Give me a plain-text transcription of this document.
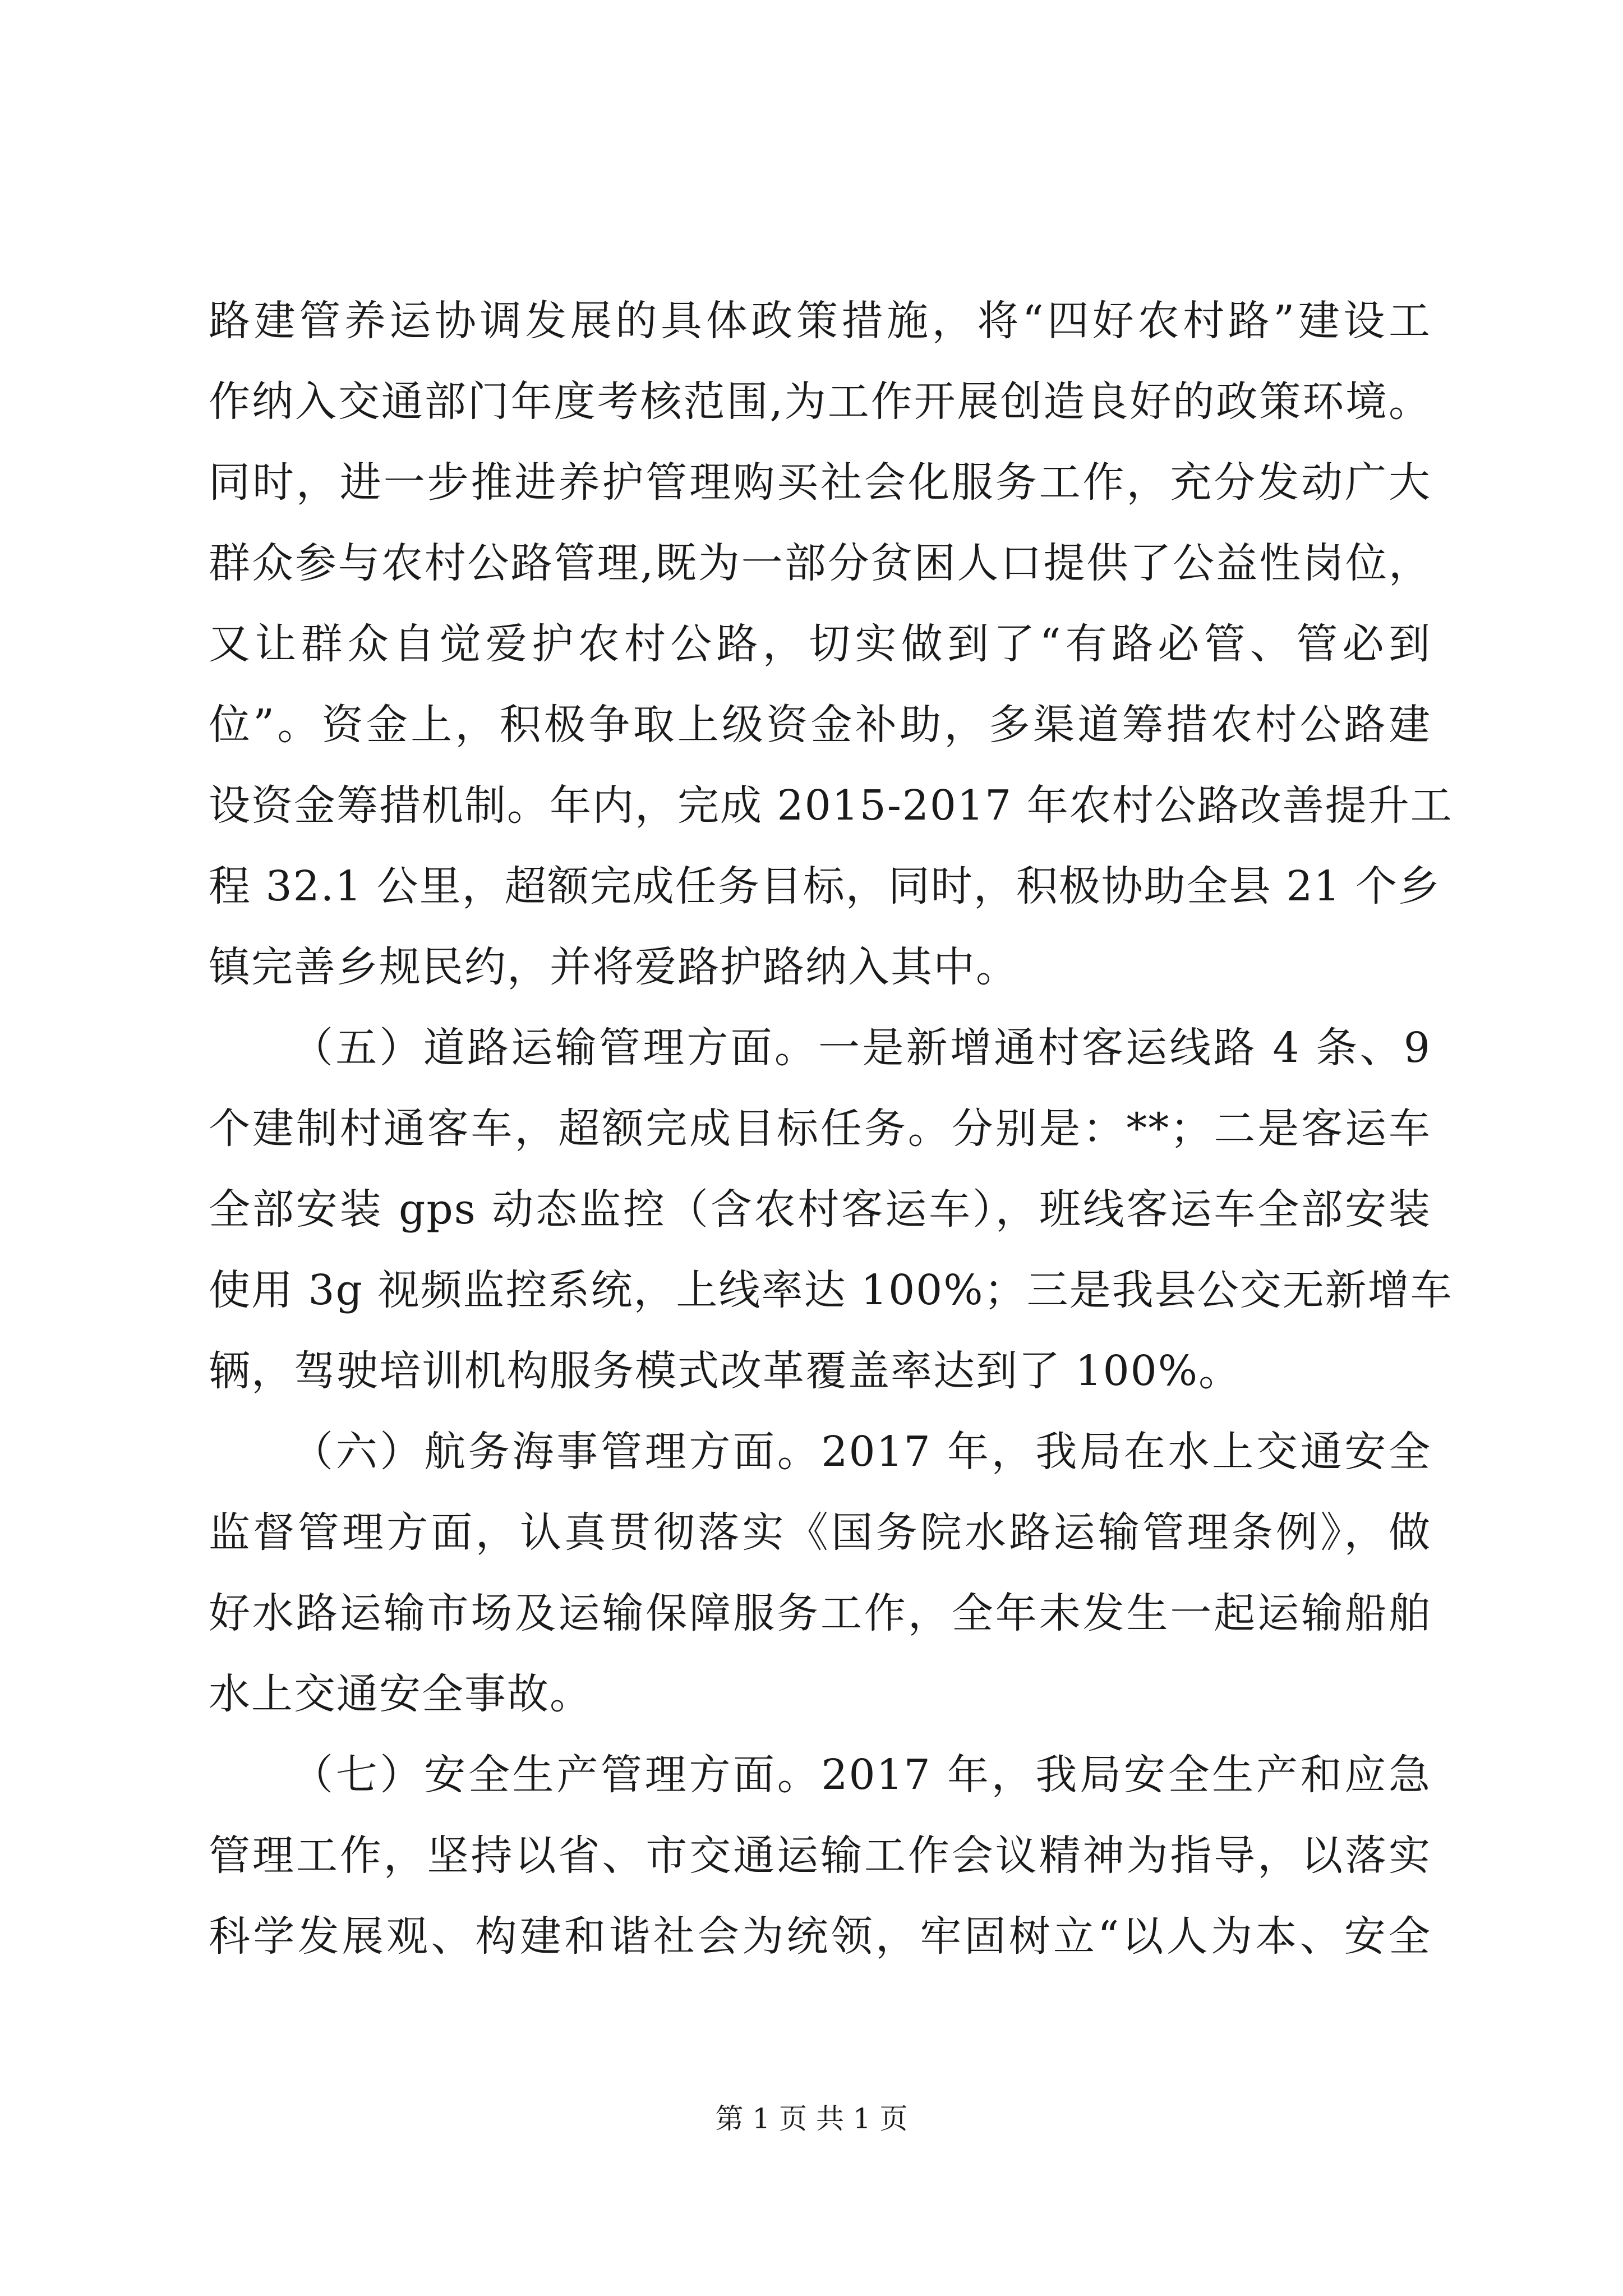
路建管养运协调发展的具体政策措施，将“四好农村路”建设工
作纳入交通部门年度考核范围,为工作开展创造良好的政策环境。
同时，进一步推进养护管理购买社会化服务工作，充分发动广大
群众参与农村公路管理,既为一部分贫困人口提供了公益性岗位，
又让群众自觉爱护农村公路，切实做到了“有路必管、管必到
位”。资金上，积极争取上级资金补助，多渠道筹措农村公路建
设资金筹措机制。年内，完成 2015-2017 年农村公路改善提升工
程 32.1 公里，超额完成任务目标，同时，积极协助全县 21 个乡
镇完善乡规民约，并将爱路护路纳入其中。
（五）道路运输管理方面。一是新增通村客运线路 4 条、9
个建制村通客车，超额完成目标任务。分别是：**；二是客运车
全部安装 gps 动态监控（含农村客运车），班线客运车全部安装
使用 3g 视频监控系统，上线率达 100%；三是我县公交无新增车
辆，驾驶培训机构服务模式改革覆盖率达到了 100%。
（六）航务海事管理方面。2017 年，我局在水上交通安全
监督管理方面，认真贯彻落实《国务院水路运输管理条例》，做
好水路运输市场及运输保障服务工作，全年未发生一起运输船舶
水上交通安全事故。
（七）安全生产管理方面。2017 年，我局安全生产和应急
管理工作，坚持以省、市交通运输工作会议精神为指导，以落实
科学发展观、构建和谐社会为统领，牢固树立“以人为本、安全
第 1 页 共 1 页
